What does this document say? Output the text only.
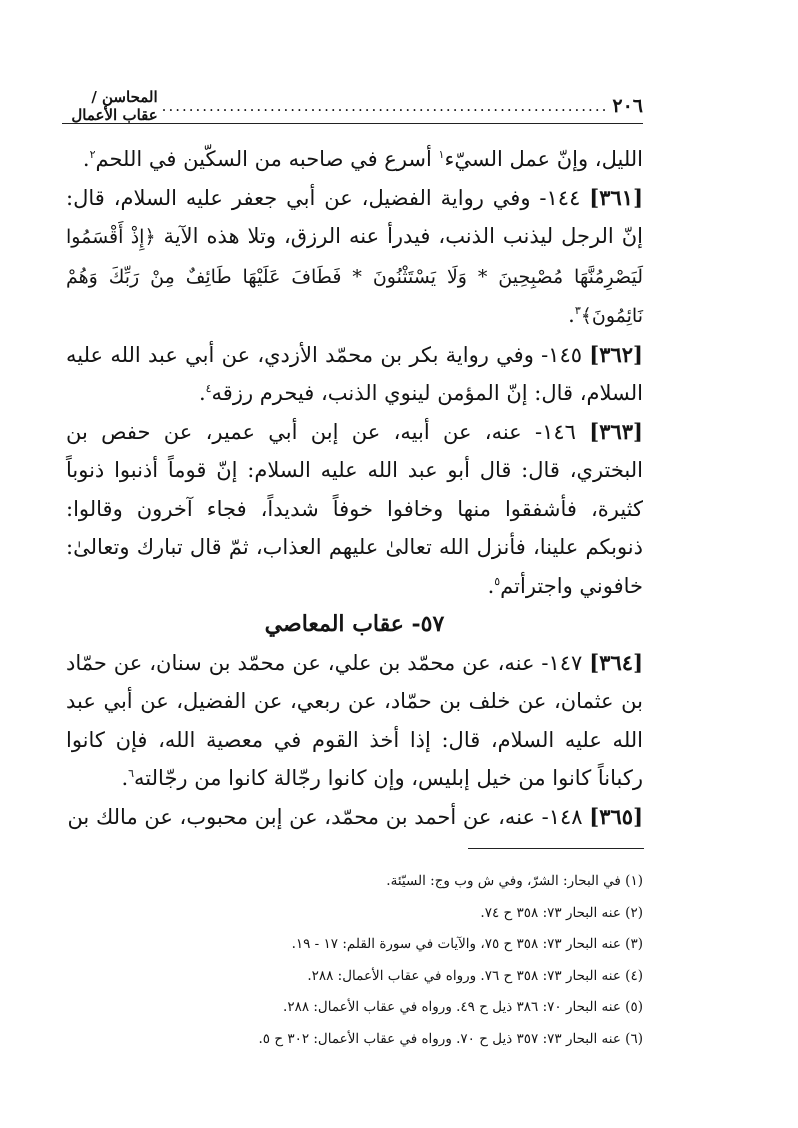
٢٠٦
..................................................................
المحاسن / عقاب الأعمال

الليل، وإنّ عمل السيّء$^١$ أسرع في صاحبه من السكّين في اللحم$^٢$.

[٣٦١] ١٤٤- وفي رواية الفضيل، عن أبي جعفر عليه السلام، قال: إنّ الرجل ليذنب الذنب، فيدرأ عنه الرزق، وتلا هذه الآية ﴿إِذْ أَقْسَمُوا لَيَصْرِمُنَّهَا مُصْبِحِينَ * وَلَا يَسْتَثْنُونَ * فَطَافَ عَلَيْهَا طَائِفٌ مِنْ رَبِّكَ وَهُمْ نَائِمُونَ﴾$^٣$.

[٣٦٢] ١٤٥- وفي رواية بكر بن محمّد الأزدي، عن أبي عبد الله عليه السلام، قال: إنّ المؤمن لينوي الذنب، فيحرم رزقه$^٤$.

[٣٦٣] ١٤٦- عنه، عن أبيه، عن إبن أبي عمير، عن حفص بن البختري، قال: قال أبو عبد الله عليه السلام: إنّ قوماً أذنبوا ذنوباً كثيرة، فأشفقوا منها وخافوا خوفاً شديداً، فجاء آخرون وقالوا: ذنوبكم علينا، فأنزل الله تعالىٰ عليهم العذاب، ثمّ قال تبارك وتعالىٰ: خافوني واجترأتم$^٥$.

٥٧- عقاب المعاصي

[٣٦٤] ١٤٧- عنه، عن محمّد بن علي، عن محمّد بن سنان، عن حمّاد بن عثمان، عن خلف بن حمّاد، عن ربعي، عن الفضيل، عن أبي عبد الله عليه السلام، قال: إذا أخذ القوم في معصية الله، فإن كانوا ركباناً كانوا من خيل إبليس، وإن كانوا رجّالة كانوا من رجّالته$^٦$.

[٣٦٥] ١٤٨- عنه، عن أحمد بن محمّد، عن إبن محبوب، عن مالك بن

(١) في البحار: الشرّ، وفي ش وب وج: السيّئة.
(٢) عنه البحار ٧٣: ٣٥٨ ح ٧٤.
(٣) عنه البحار ٧٣: ٣٥٨ ح ٧٥، والآيات في سورة القلم: ١٧ - ١٩.
(٤) عنه البحار ٧٣: ٣٥٨ ح ٧٦. ورواه في عقاب الأعمال: ٢٨٨.
(٥) عنه البحار ٧٠: ٣٨٦ ذيل ح ٤٩. ورواه في عقاب الأعمال: ٢٨٨.
(٦) عنه البحار ٧٣: ٣٥٧ ذيل ح ٧٠. ورواه في عقاب الأعمال: ٣٠٢ ح ٥.
